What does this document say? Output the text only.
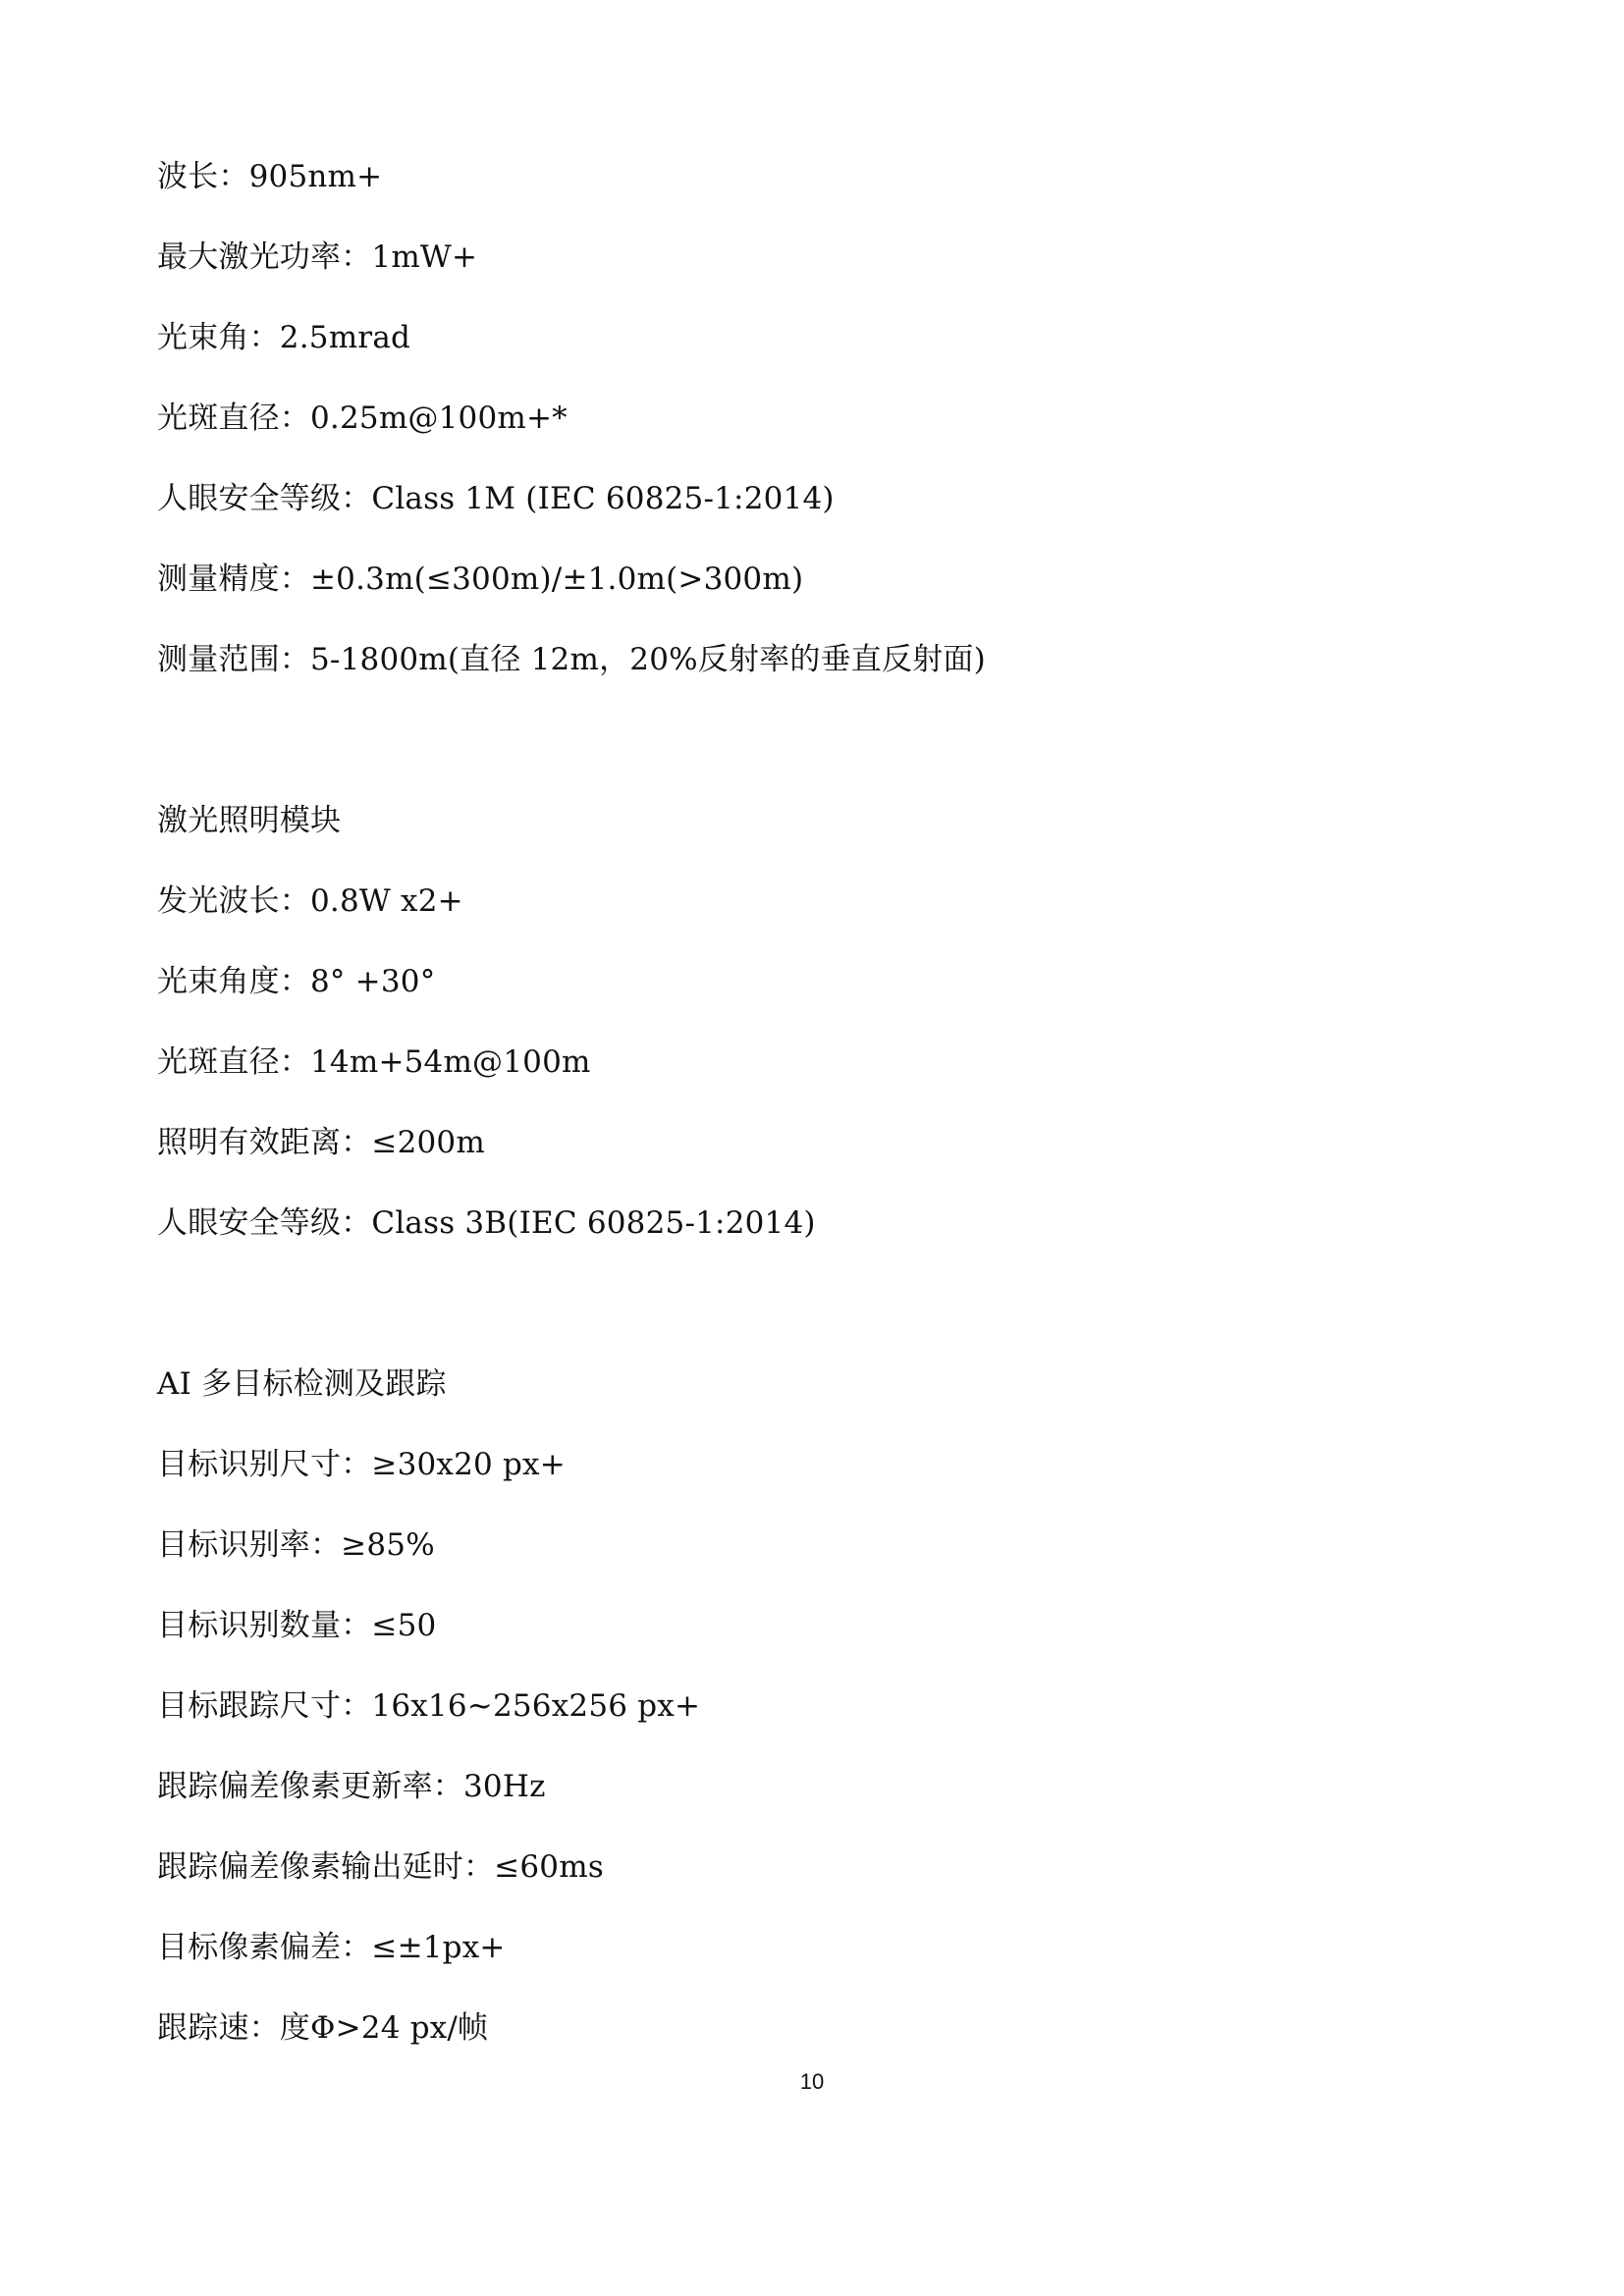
波长：905nm+
最大激光功率：1mW+
光束角：2.5mrad
光斑直径：0.25m@100m+*
人眼安全等级：Class 1M (IEC 60825-1:2014)
测量精度：±0.3m(≤300m)/±1.0m(>300m)
测量范围：5-1800m(直径 12m，20%反射率的垂直反射面)
激光照明模块
发光波长：0.8W x2+
光束角度：8° +30°
光斑直径：14m+54m@100m
照明有效距离：≤200m
人眼安全等级：Class 3B(IEC 60825-1:2014)
AI 多目标检测及跟踪
目标识别尺寸：≥30x20 px+
目标识别率：≥85%
目标识别数量：≤50
目标跟踪尺寸：16x16~256x256 px+
跟踪偏差像素更新率：30Hz
跟踪偏差像素输出延时：≤60ms
目标像素偏差：≤±1px+
跟踪速：度Φ>24 px/帧
10
